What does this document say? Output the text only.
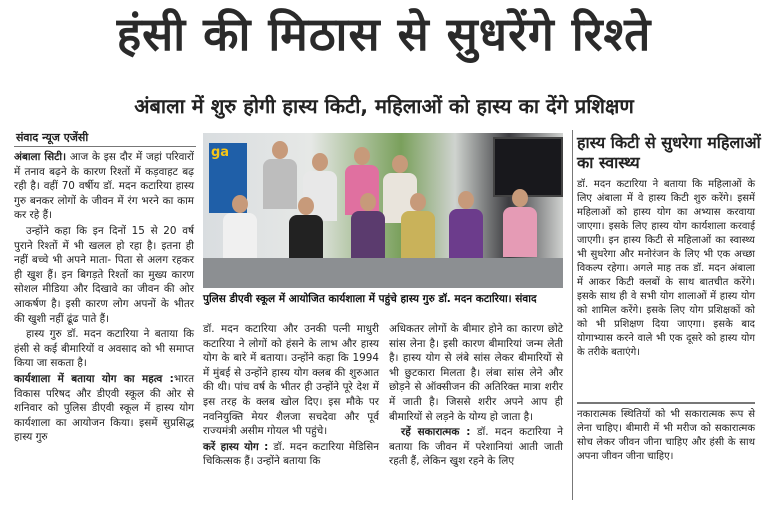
हंसी की मिठास से सुधरेंगे रिश्ते
अंबाला में शुरु होगी हास्य किटी, महिलाओं को हास्य का देंगे प्रशिक्षण
संवाद न्यूज एजेंसी

अंबाला सिटी। आज के इस दौर में जहां परिवारों में तनाव बढ़ने के कारण रिश्तों में कड़वाहट बढ़ रही है। वहीं 70 वर्षीय डॉ. मदन कटारिया हास्य गुरु बनकर लोगों के जीवन में रंग भरने का काम कर रहे हैं।

उन्होंने कहा कि इन दिनों 15 से 20 वर्ष पुराने रिश्तों में भी खलल हो रहा है। इतना ही नहीं बच्चे भी अपने माता- पिता से अलग रहकर ही खुश हैं। इन बिगड़ते रिश्तों का मुख्य कारण सोशल मीडिया और दिखावे का जीवन की ओर आकर्षण है। इसी कारण लोग अपनों के भीतर की खुशी नहीं ढूंढ पाते हैं।

हास्य गुरु डॉ. मदन कटारिया ने बताया कि हंसी से कई बीमारियों व अवसाद को भी समाप्त किया जा सकता है।

कार्यशाला में बताया योग का महत्व :भारत विकास परिषद और डीएवी स्कूल की ओर से शनिवार को पुलिस डीएवी स्कूल में हास्य योग कार्यशाला का आयोजन किया। इसमें सुप्रसिद्ध हास्य गुरु

ga
पुलिस डीएवी स्कूल में आयोजित कार्यशाला में पहुंचे हास्य गुरु डॉ. मदन कटारिया। संवाद

डॉ. मदन कटारिया और उनकी पत्नी माधुरी कटारिया ने लोगों को हंसने के लाभ और हास्य योग के बारे में बताया। उन्होंने कहा कि 1994 में मुंबई से उन्होंने हास्य योग क्लब की शुरुआत की थी। पांच वर्ष के भीतर ही उन्होंने पूरे देश में इस तरह के क्लब खोल दिए। इस मौके पर नवनियुक्ति मेयर शैलजा सचदेवा और पूर्व राज्यमंत्री असीम गोयल भी पहुंचे।

करें हास्य योग : डॉ. मदन कटारिया मेडिसिन चिकित्सक हैं। उन्होंने बताया कि

अधिकतर लोगों के बीमार होने का कारण छोटे सांस लेना है। इसी कारण बीमारियां जन्म लेती है। हास्य योग से लंबे सांस लेकर बीमारियों से भी छुटकारा मिलता है। लंबा सांस लेने और छोड़ने से ऑक्सीजन की अतिरिक्त मात्रा शरीर में जाती है। जिससे शरीर अपने आप ही बीमारियों से लड़ने के योग्य हो जाता है।

रहें सकारात्मक : डॉ. मदन कटारिया ने बताया कि जीवन में परेशानियां आती जाती रहती हैं, लेकिन खुश रहने के लिए

हास्य किटी से सुधरेगा महिलाओं का स्वास्थ्य

डॉ. मदन कटारिया ने बताया कि महिलाओं के लिए अंबाला में वे हास्य किटी शुरु करेंगे। इसमें महिलाओं को हास्य योग का अभ्यास करवाया जाएगा। इसके लिए हास्य योग कार्यशाला करवाई जाएगी। इन हास्य किटी से महिलाओं का स्वास्थ्य भी सुधरेगा और मनोरंजन के लिए भी एक अच्छा विकल्प रहेगा। अगले माह तक डॉ. मदन अंबाला में आकर किटी क्लबों के साथ बातचीत करेंगे। इसके साथ ही वे सभी योग शालाओं में हास्य योग को शामिल करेंगे। इसके लिए योग प्रशिक्षकों को को भी प्रशिक्षण दिया जाएगा। इसके बाद योगाभ्यास करने वाले भी एक दूसरे को हास्य योग के तरीके बताएंगे।

नकारात्मक स्थितियों को भी सकारात्मक रूप से लेना चाहिए। बीमारी में भी मरीज को सकारात्मक सोच लेकर जीवन जीना चाहिए और हंसी के साथ अपना जीवन जीना चाहिए।
